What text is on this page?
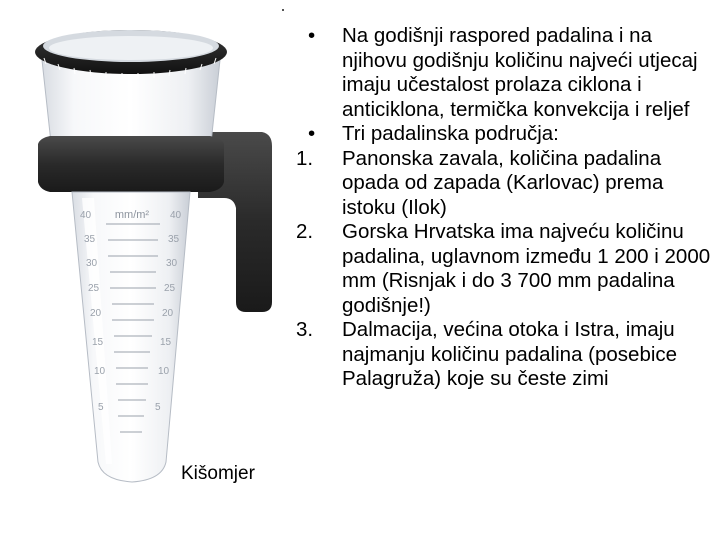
mm/m²
40
35
30
25
20
15
10
5
40
35
30
25
20
15
10
5
Kišomjer
•	Na godišnji raspored padalina i na njihovu godišnju količinu najveći utjecaj imaju učestalost prolaza ciklona i anticiklona, termička konvekcija i reljef
•	Tri padalinska područja:
1.	Panonska zavala, količina padalina opada od zapada (Karlovac) prema istoku (Ilok)
2.	Gorska Hrvatska ima najveću količinu padalina, uglavnom između 1 200 i 2000 mm (Risnjak i do 3 700 mm padalina godišnje!)
3.	Dalmacija, većina otoka i Istra, imaju najmanju količinu padalina (posebice Palagruža) koje su česte zimi
